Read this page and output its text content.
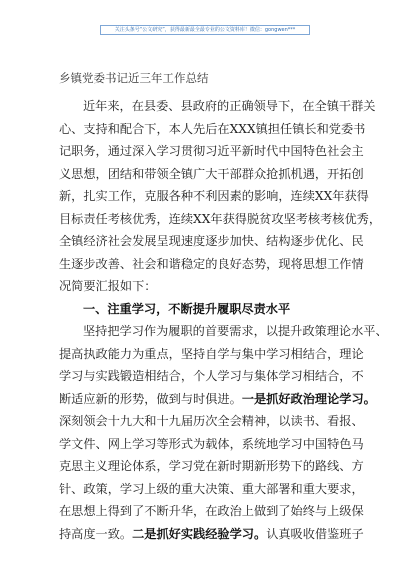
关注头条号“公文研究”，获得最新最全最专业的公文资料库！微信：gongwen***
乡镇党委书记近三年工作总结
近年来，在县委、县政府的正确领导下，在全镇干群关
心、支持和配合下，本人先后在XXX镇担任镇长和党委书
记职务，通过深入学习贯彻习近平新时代中国特色社会主
义思想，团结和带领全镇广大干部群众抢抓机遇，开拓创
新，扎实工作，克服各种不利因素的影响，连续XX年获得
目标责任考核优秀，连续XX年获得脱贫攻坚考核考核优秀，
全镇经济社会发展呈现速度逐步加快、结构逐步优化、民
生逐步改善、社会和谐稳定的良好态势，现将思想工作情
况简要汇报如下：
一、注重学习，不断提升履职尽责水平
坚持把学习作为履职的首要需求，以提升政策理论水平、
提高执政能力为重点，坚持自学与集中学习相结合，理论
学习与实践锻造相结合，个人学习与集体学习相结合，不
断适应新的形势，做到与时俱进。一是抓好政治理论学习。
深刻领会十九大和十九届历次全会精神，以读书、看报、
学文件、网上学习等形式为载体，系统地学习中国特色马
克思主义理论体系，学习党在新时期新形势下的路线、方
针、政策，学习上级的重大决策、重大部署和重大要求，
在思想上得到了不断升华，在政治上做到了始终与上级保
持高度一致。二是抓好实践经验学习。认真吸收借鉴班子
